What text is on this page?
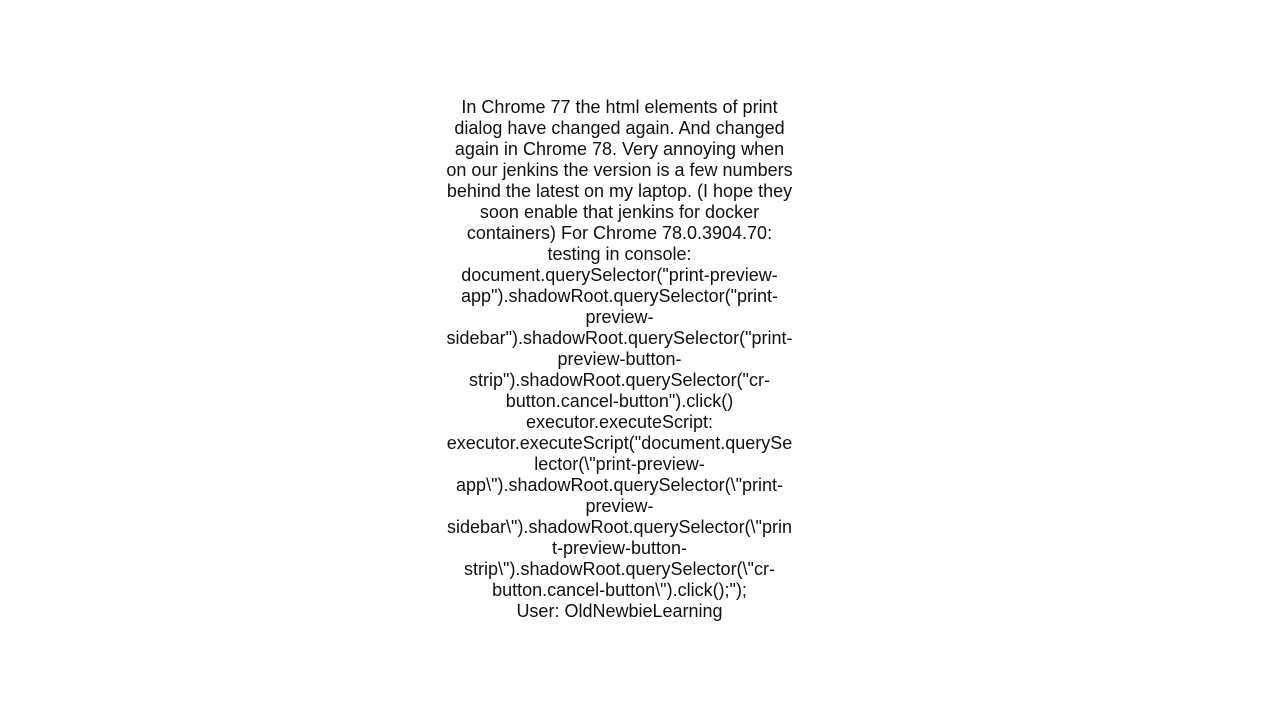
In Chrome 77 the html elements of print dialog have changed again. And changed again in Chrome 78. Very annoying when on our jenkins the version is a few numbers behind the latest on my laptop. (I hope they soon enable that jenkins for docker containers) For Chrome 78.0.3904.70: testing in console: document.querySelector("print-preview-app").shadowRoot.querySelector("print-preview-sidebar").shadowRoot.querySelector("print-preview-button-strip").shadowRoot.querySelector("cr-button.cancel-button").click() executor.executeScript: executor.executeScript("document.querySelector(\"print-preview-app\").shadowRoot.querySelector(\"print-preview-sidebar\").shadowRoot.querySelector(\"print-preview-button-strip\").shadowRoot.querySelector(\"cr-button.cancel-button\").click();");
User: OldNewbieLearning
